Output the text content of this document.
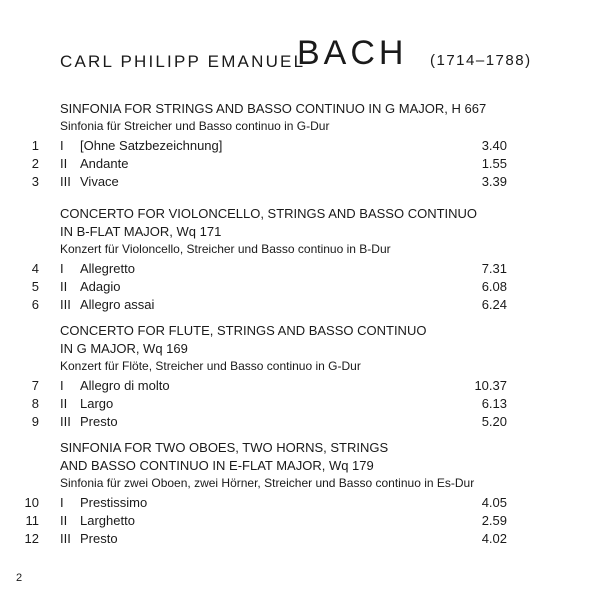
CARL PHILIPP EMANUEL
BACH (1714–1788)
SINFONIA FOR STRINGS AND BASSO CONTINUO IN G MAJOR, H 667
Sinfonia für Streicher und Basso continuo in G-Dur
1 I [Ohne Satzbezeichnung]	3.40
2 II Andante	1.55
3 III Vivace	3.39
CONCERTO FOR VIOLONCELLO, STRINGS AND BASSO CONTINUO
IN B-FLAT MAJOR, Wq 171
Konzert für Violoncello, Streicher und Basso continuo in B-Dur
4 I Allegretto	7.31
5 II Adagio	6.08
6 III Allegro assai	6.24
CONCERTO FOR FLUTE, STRINGS AND BASSO CONTINUO
IN G MAJOR, Wq 169
Konzert für Flöte, Streicher und Basso continuo in G-Dur
7 I Allegro di molto	10.37
8 II Largo	6.13
9 III Presto	5.20
SINFONIA FOR TWO OBOES, TWO HORNS, STRINGS
AND BASSO CONTINUO IN E-FLAT MAJOR, Wq 179
Sinfonia für zwei Oboen, zwei Hörner, Streicher und Basso continuo in Es-Dur
10 I Prestissimo	4.05
11 II Larghetto	2.59
12 III Presto	4.02
2
